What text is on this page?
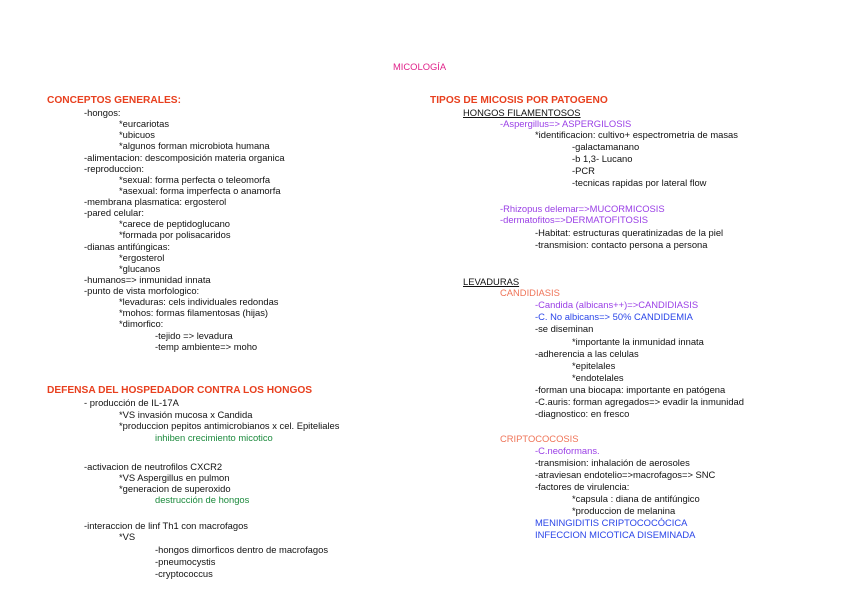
MICOLOGÍA
CONCEPTOS GENERALES:
-hongos:
*eurcariotas
*ubicuos
*algunos forman microbiota humana
-alimentacion: descomposición materia organica
-reproduccion:
*sexual: forma perfecta o teleomorfa
*asexual: forma imperfecta o anamorfa
-membrana plasmatica: ergosterol
-pared celular:
*carece de peptidoglucano
*formada por polisacaridos
-dianas antifúngicas:
*ergosterol
*glucanos
-humanos=> inmunidad innata
-punto de vista morfologico:
*levaduras: cels individuales redondas
*mohos: formas filamentosas (hijas)
*dimorfico:
-tejido => levadura
-temp ambiente=> moho
DEFENSA DEL HOSPEDADOR CONTRA LOS HONGOS
- producción de IL-17A
*VS invasión mucosa x Candida
*produccion pepitos antimicrobianos x cel. Epiteliales
inhiben crecimiento micotico
-activacion de neutrofilos CXCR2
*VS Aspergillus en pulmon
*generacion de superoxido
destrucción de hongos
-interaccion de linf Th1 con macrofagos
*VS
-hongos dimorficos dentro de macrofagos
-pneumocystis
-cryptococcus
TIPOS DE MICOSIS POR PATOGENO
HONGOS FILAMENTOSOS
-Aspergillus=> ASPERGILOSIS
*identificacion: cultivo+ espectrometria de masas
-galactamanano
-b 1,3- Lucano
-PCR
-tecnicas rapidas por lateral flow
-Rhizopus delemar=>MUCORMICOSIS
-dermatofitos=>DERMATOFITOSIS
-Habitat: estructuras queratinizadas de la piel
-transmision: contacto persona a persona
LEVADURAS
CANDIDIASIS
-Candida (albicans++)=>CANDIDIASIS
-C. No albicans=> 50% CANDIDEMIA
-se diseminan
*importante la inmunidad innata
-adherencia a las celulas
*epitelales
*endotelales
-forman una biocapa: importante en patógena
-C.auris: forman agregados=> evadir la inmunidad
-diagnostico: en fresco
CRIPTOCOCOSIS
-C.neoformans.
-transmision: inhalación de aerosoles
-atraviesan endotelio=>macrofagos=> SNC
-factores de virulencia:
*capsula : diana de antifúngico
*produccion de melanina
MENINGIDITIS CRIPTOCOCÓCICA
INFECCION MICOTICA DISEMINADA
